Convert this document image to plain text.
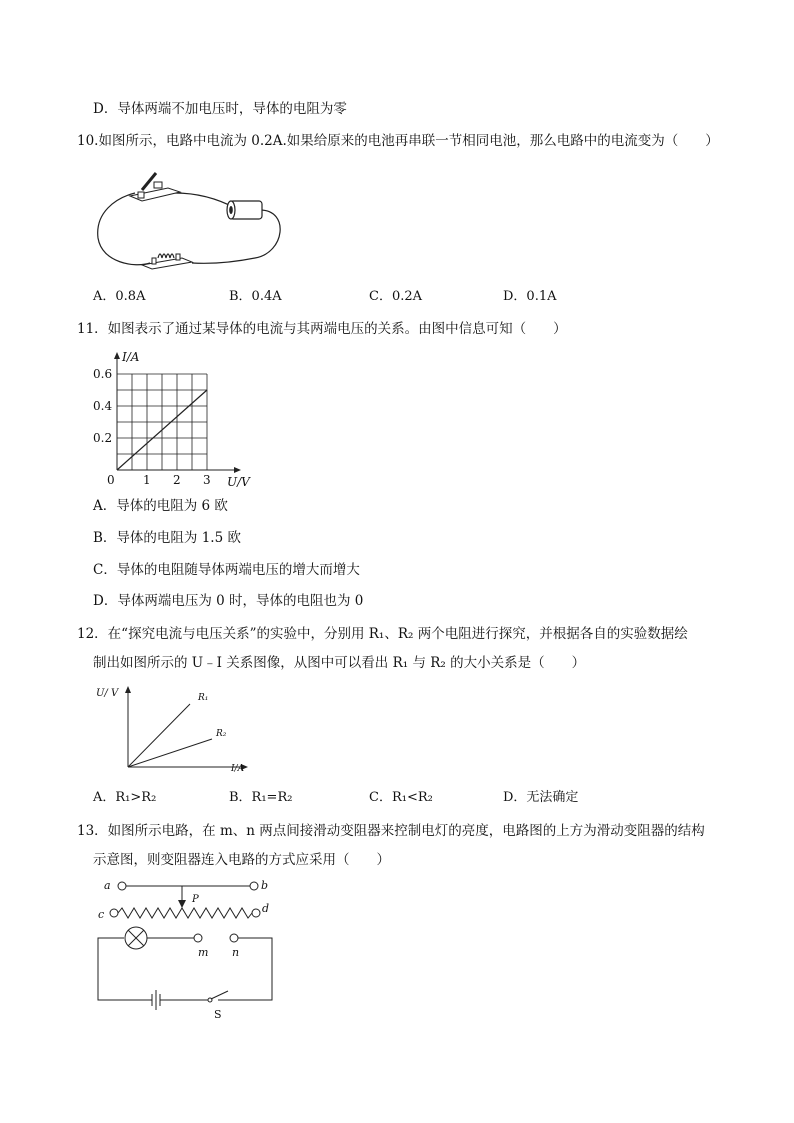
D．导体两端不加电压时，导体的电阻为零
10.如图所示，电路中电流为 0.2A.如果给原来的电池再串联一节相同电池，那么电路中的电流变为（　　）
A．0.8A	B．0.4A	C．0.2A	D．0.1A
11．如图表示了通过某导体的电流与其两端电压的关系。由图中信息可知（　　）
0 1 2 3
0.2
0.4
0.6
U/V
I/A
A．导体的电阻为 6 欧
B．导体的电阻为 1.5 欧
C．导体的电阻随导体两端电压的增大而增大
D．导体两端电压为 0 时，导体的电阻也为 0
12．在“探究电流与电压关系”的实验中，分别用 R₁、R₂ 两个电阻进行探究，并根据各自的实验数据绘
制出如图所示的 U﹣I 关系图像，从图中可以看出 R₁ 与 R₂ 的大小关系是（　　）
U/ V
I/A
R₁
R₂
A．R₁>R₂	B．R₁=R₂	C．R₁<R₂	D．无法确定
13．如图所示电路，在 m、n 两点间接滑动变阻器来控制电灯的亮度，电路图的上方为滑动变阻器的结构
示意图，则变阻器连入电路的方式应采用（　　）
a	b
P
c	d
m n
S
